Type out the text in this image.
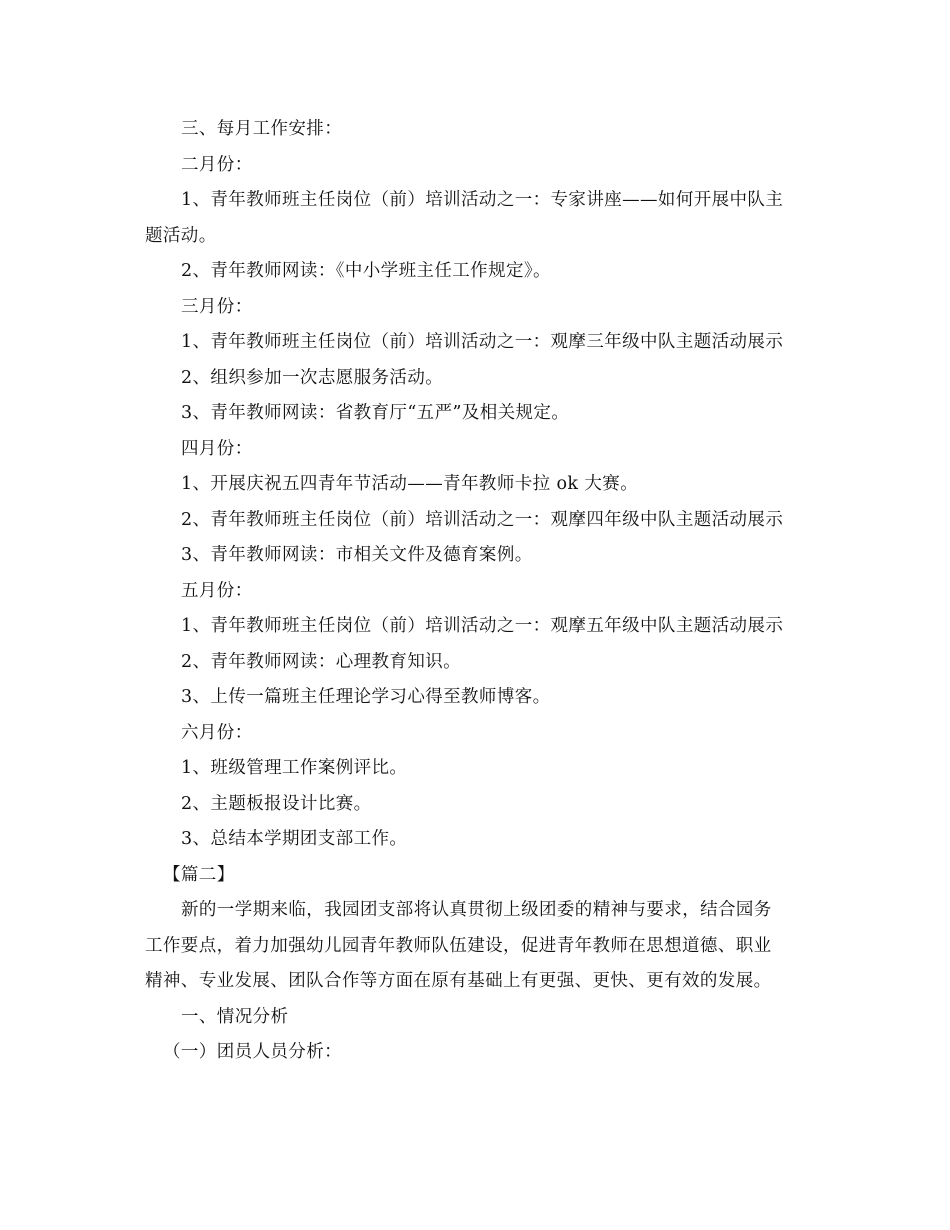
三、每月工作安排：
二月份：
1、青年教师班主任岗位（前）培训活动之一：专家讲座——如何开展中队主
题活动。
2、青年教师网读：《中小学班主任工作规定》。
三月份：
1、青年教师班主任岗位（前）培训活动之一：观摩三年级中队主题活动展示
2、组织参加一次志愿服务活动。
3、青年教师网读：省教育厅“五严”及相关规定。
四月份：
1、开展庆祝五四青年节活动——青年教师卡拉 ok 大赛。
2、青年教师班主任岗位（前）培训活动之一：观摩四年级中队主题活动展示
3、青年教师网读：市相关文件及德育案例。
五月份：
1、青年教师班主任岗位（前）培训活动之一：观摩五年级中队主题活动展示
2、青年教师网读：心理教育知识。
3、上传一篇班主任理论学习心得至教师博客。
六月份：
1、班级管理工作案例评比。
2、主题板报设计比赛。
3、总结本学期团支部工作。
【篇二】
新的一学期来临，我园团支部将认真贯彻上级团委的精神与要求，结合园务
工作要点，着力加强幼儿园青年教师队伍建设，促进青年教师在思想道德、职业
精神、专业发展、团队合作等方面在原有基础上有更强、更快、更有效的发展。
一、情况分析
（一）团员人员分析：
